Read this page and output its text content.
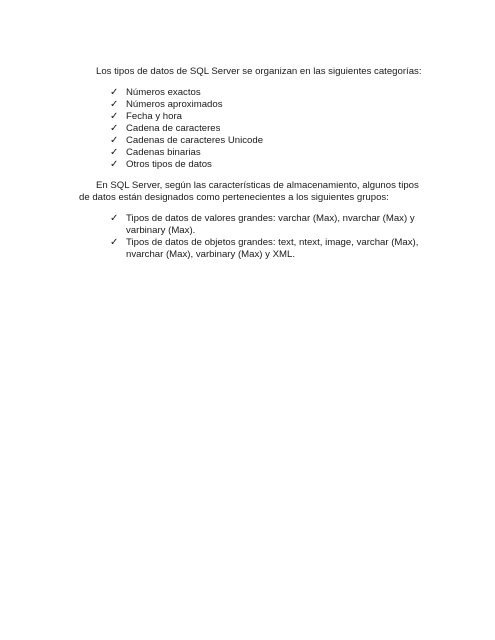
Los tipos de datos de SQL Server se organizan en las siguientes categorías:

✓ Números exactos
✓ Números aproximados
✓ Fecha y hora
✓ Cadena de caracteres
✓ Cadenas de caracteres Unicode
✓ Cadenas binarias
✓ Otros tipos de datos

En SQL Server, según las características de almacenamiento, algunos tipos de datos están designados como pertenecientes a los siguientes grupos:

✓ Tipos de datos de valores grandes: varchar (Max), nvarchar (Max) y varbinary (Max).
✓ Tipos de datos de objetos grandes: text, ntext, image, varchar (Max), nvarchar (Max), varbinary (Max) y XML.
